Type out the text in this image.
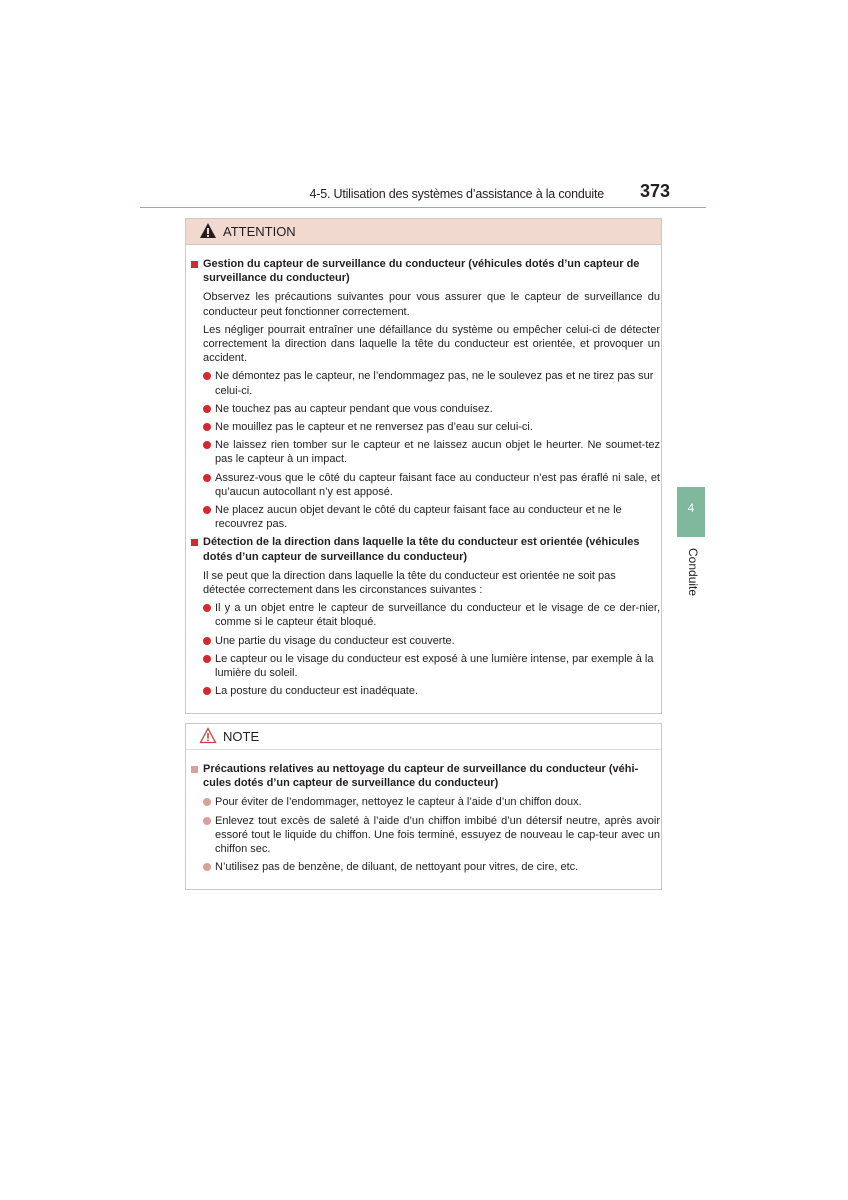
4-5. Utilisation des systèmes d’assistance à la conduite 373
4
Conduite
ATTENTION
Gestion du capteur de surveillance du conducteur (véhicules dotés d’un capteur de surveillance du conducteur)
Observez les précautions suivantes pour vous assurer que le capteur de surveillance du conducteur peut fonctionner correctement.
Les négliger pourrait entraîner une défaillance du système ou empêcher celui-ci de détecter correctement la direction dans laquelle la tête du conducteur est orientée, et provoquer un accident.
Ne démontez pas le capteur, ne l’endommagez pas, ne le soulevez pas et ne tirez pas sur celui-ci.
Ne touchez pas au capteur pendant que vous conduisez.
Ne mouillez pas le capteur et ne renversez pas d’eau sur celui-ci.
Ne laissez rien tomber sur le capteur et ne laissez aucun objet le heurter. Ne soumet-tez pas le capteur à un impact.
Assurez-vous que le côté du capteur faisant face au conducteur n’est pas éraflé ni sale, et qu’aucun autocollant n’y est apposé.
Ne placez aucun objet devant le côté du capteur faisant face au conducteur et ne le recouvrez pas.
Détection de la direction dans laquelle la tête du conducteur est orientée (véhicules dotés d’un capteur de surveillance du conducteur)
Il se peut que la direction dans laquelle la tête du conducteur est orientée ne soit pas détectée correctement dans les circonstances suivantes :
Il y a un objet entre le capteur de surveillance du conducteur et le visage de ce der-nier, comme si le capteur était bloqué.
Une partie du visage du conducteur est couverte.
Le capteur ou le visage du conducteur est exposé à une lumière intense, par exemple à la lumière du soleil.
La posture du conducteur est inadéquate.
NOTE
Précautions relatives au nettoyage du capteur de surveillance du conducteur (véhi-cules dotés d’un capteur de surveillance du conducteur)
Pour éviter de l’endommager, nettoyez le capteur à l’aide d’un chiffon doux.
Enlevez tout excès de saleté à l’aide d’un chiffon imbibé d’un détersif neutre, après avoir essoré tout le liquide du chiffon. Une fois terminé, essuyez de nouveau le cap-teur avec un chiffon sec.
N’utilisez pas de benzène, de diluant, de nettoyant pour vitres, de cire, etc.
